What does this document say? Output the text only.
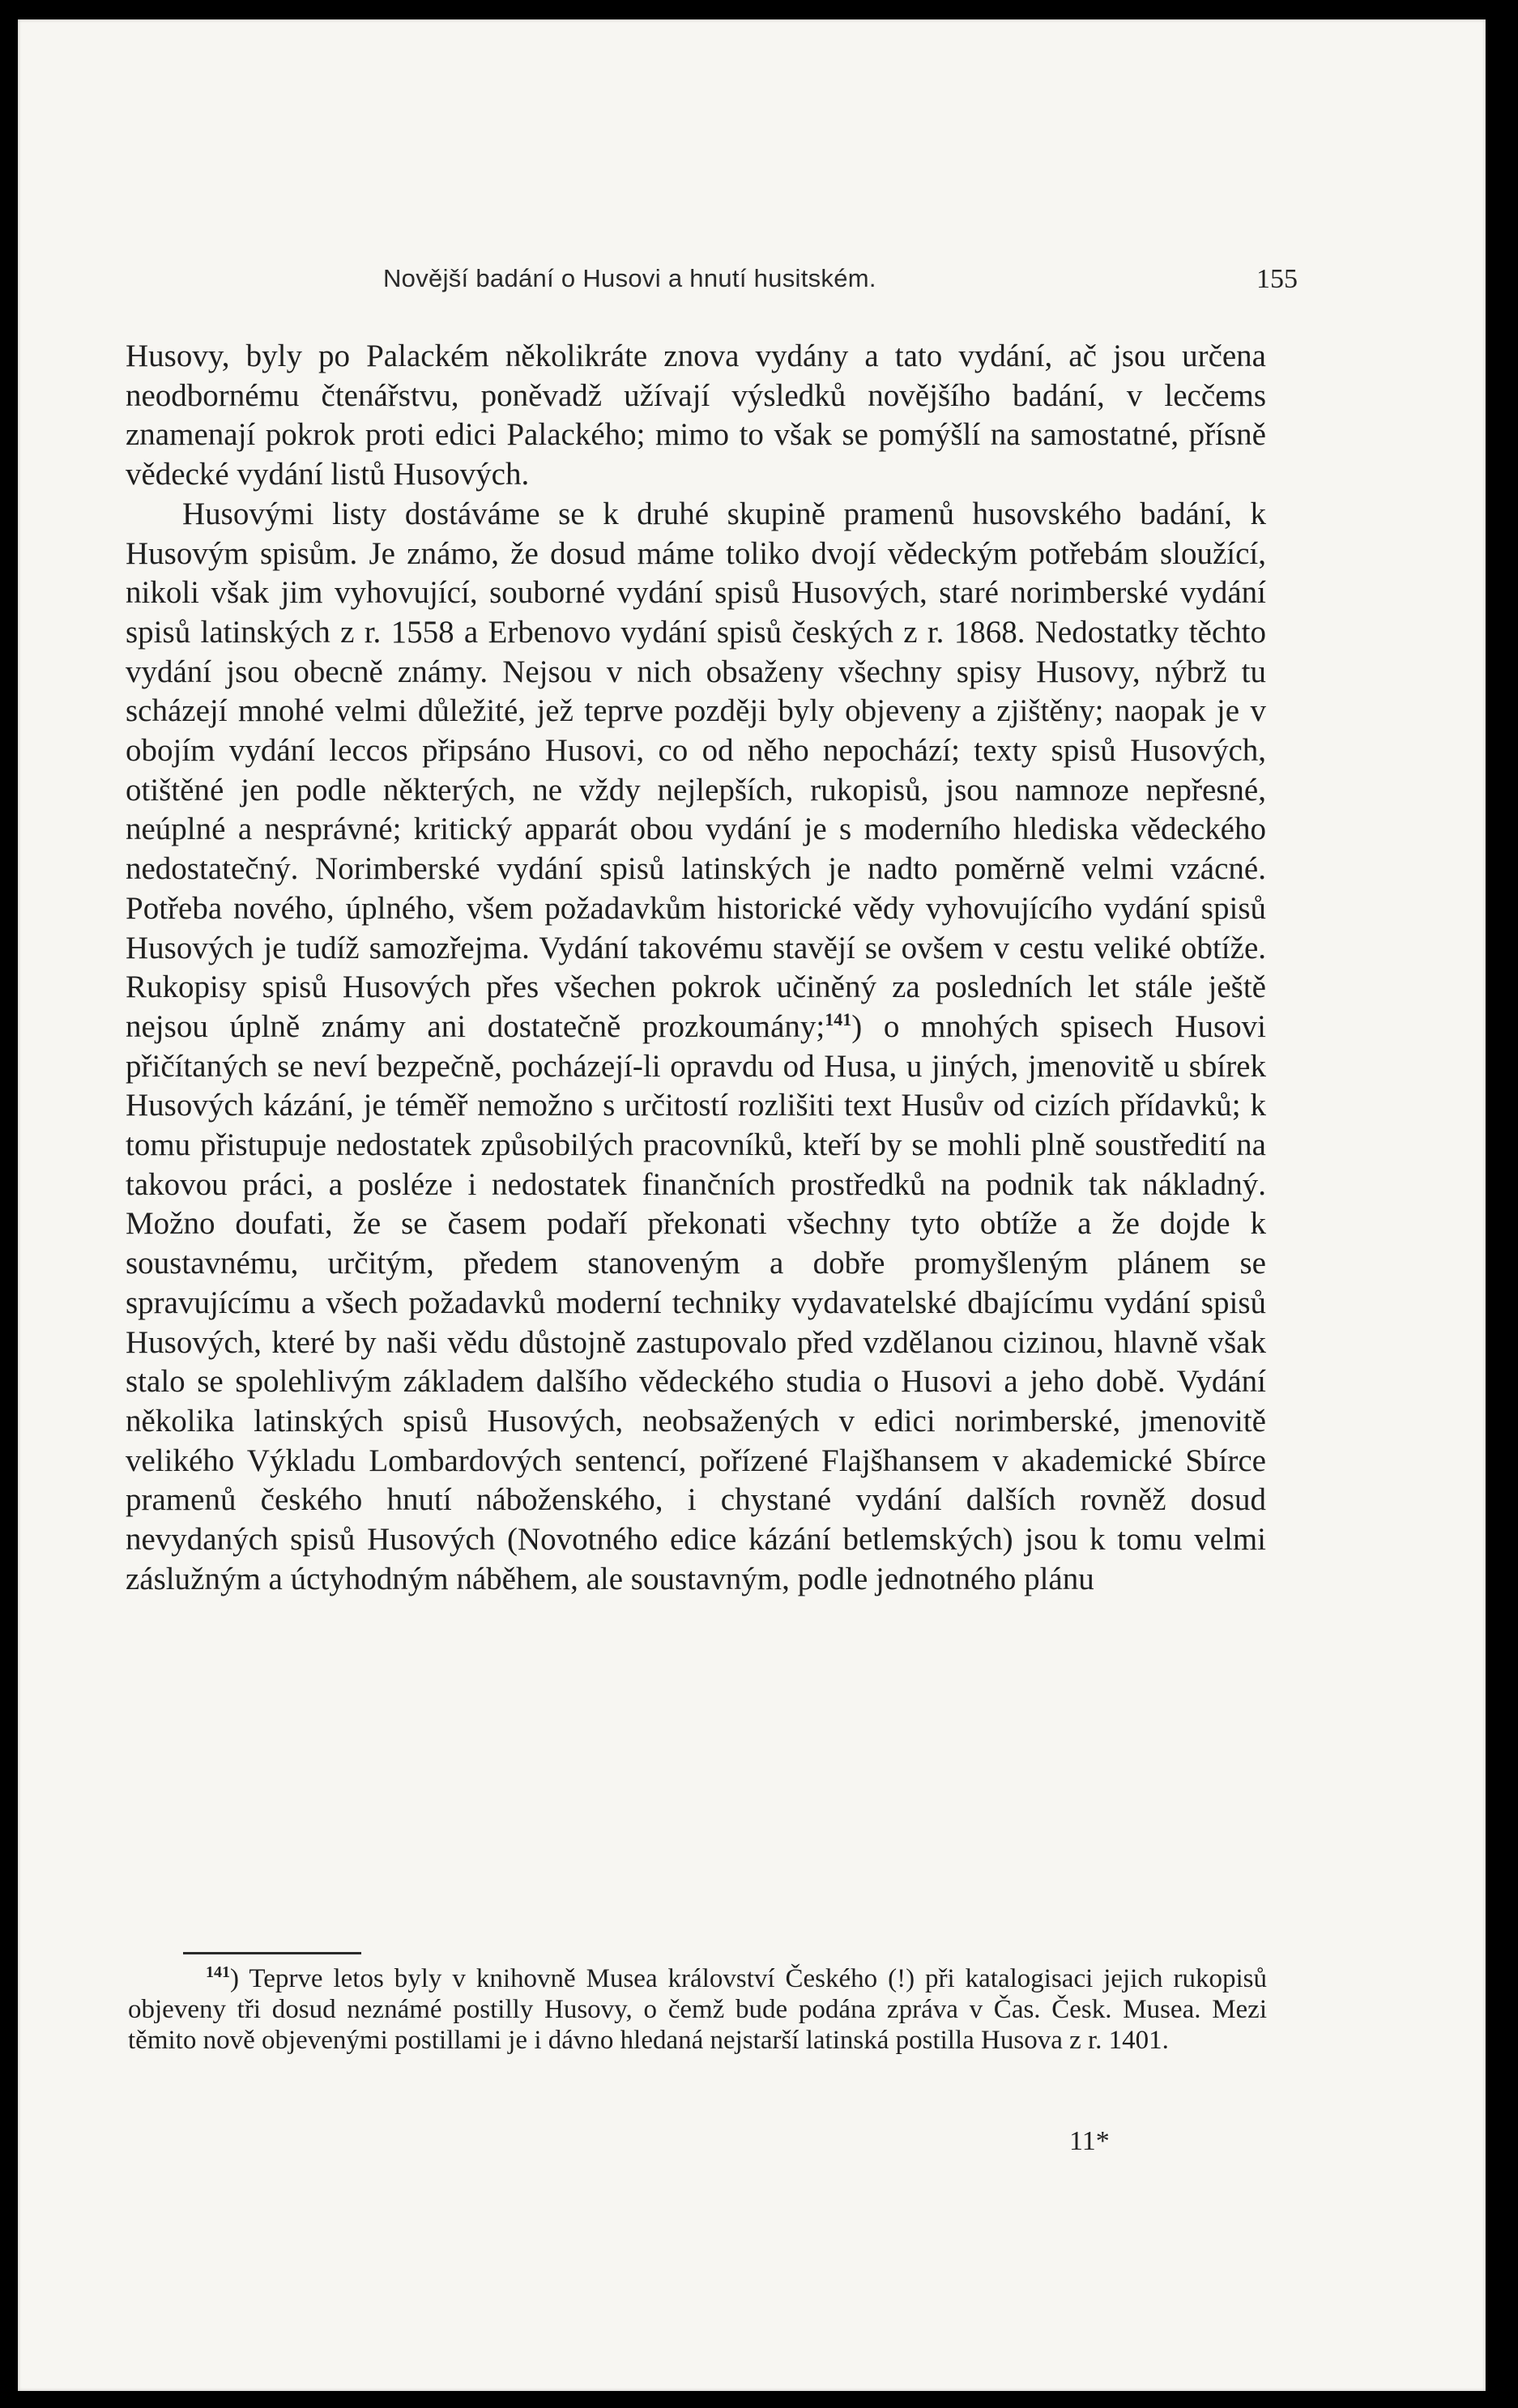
Novější badání o Husovi a hnutí husitském.	155

Husovy, byly po Palackém několikráte znova vydány a tato vydání, ač jsou určena neodbornému čtenářstvu, poněvadž užívají výsledků novějšího badání, v lecčems znamenají pokrok proti edici Palackého; mimo to však se pomýšlí na samostatné, přísně vědecké vydání listů Husových.

Husovými listy dostáváme se k druhé skupině pramenů husovského badání, k Husovým spisům. Je známo, že dosud máme toliko dvojí vědeckým potřebám sloužící, nikoli však jim vyhovující, souborné vydání spisů Husových, staré norimberské vydání spisů latinských z r. 1558 a Erbenovo vydání spisů českých z r. 1868. Nedostatky těchto vydání jsou obecně známy. Nejsou v nich obsaženy všechny spisy Husovy, nýbrž tu scházejí mnohé velmi důležité, jež teprve později byly objeveny a zjištěny; naopak je v obojím vydání leccos připsáno Husovi, co od něho nepochází; texty spisů Husových, otištěné jen podle některých, ne vždy nejlepších, rukopisů, jsou namnoze nepřesné, neúplné a nesprávné; kritický apparát obou vydání je s moderního hlediska vědeckého nedostatečný. Norimberské vydání spisů latinských je nadto poměrně velmi vzácné. Potřeba nového, úplného, všem požadavkům historické vědy vyhovujícího vydání spisů Husových je tudíž samozřejma. Vydání takovému stavějí se ovšem v cestu veliké obtíže. Rukopisy spisů Husových přes všechen pokrok učiněný za posledních let stále ještě nejsou úplně známy ani dostatečně prozkoumány;$^{141}$) o mnohých spisech Husovi přičítaných se neví bezpečně, pocházejí-li opravdu od Husa, u jiných, jmenovitě u sbírek Husových kázání, je téměř nemožno s určitostí rozlišiti text Husův od cizích přídavků; k tomu přistupuje nedostatek způsobilých pracovníků, kteří by se mohli plně soustředití na takovou práci, a posléze i nedostatek finančních prostředků na podnik tak nákladný. Možno doufati, že se časem podaří překonati všechny tyto obtíže a že dojde k soustavnému, určitým, předem stanoveným a dobře promyšleným plánem se spravujícímu a všech požadavků moderní techniky vydavatelské dbajícímu vydání spisů Husových, které by naši vědu důstojně zastupovalo před vzdělanou cizinou, hlavně však stalo se spolehlivým základem dalšího vědeckého studia o Husovi a jeho době. Vydání několika latinských spisů Husových, neobsažených v edici norimberské, jmenovitě velikého Výkladu Lombardových sentencí, pořízené Flajšhansem v akademické Sbírce pramenů českého hnutí náboženského, i chystané vydání dalších rovněž dosud nevydaných spisů Husových (Novotného edice kázání betlemských) jsou k tomu velmi záslužným a úctyhodným náběhem, ale soustavným, podle jednotného plánu

$^{141}$) Teprve letos byly v knihovně Musea království Českého (!) při katalogisaci jejich rukopisů objeveny tři dosud neznámé postilly Husovy, o čemž bude podána zpráva v Čas. Česk. Musea. Mezi těmito nově objevenými postillami je i dávno hledaná nejstarší latinská postilla Husova z r. 1401.

11*
